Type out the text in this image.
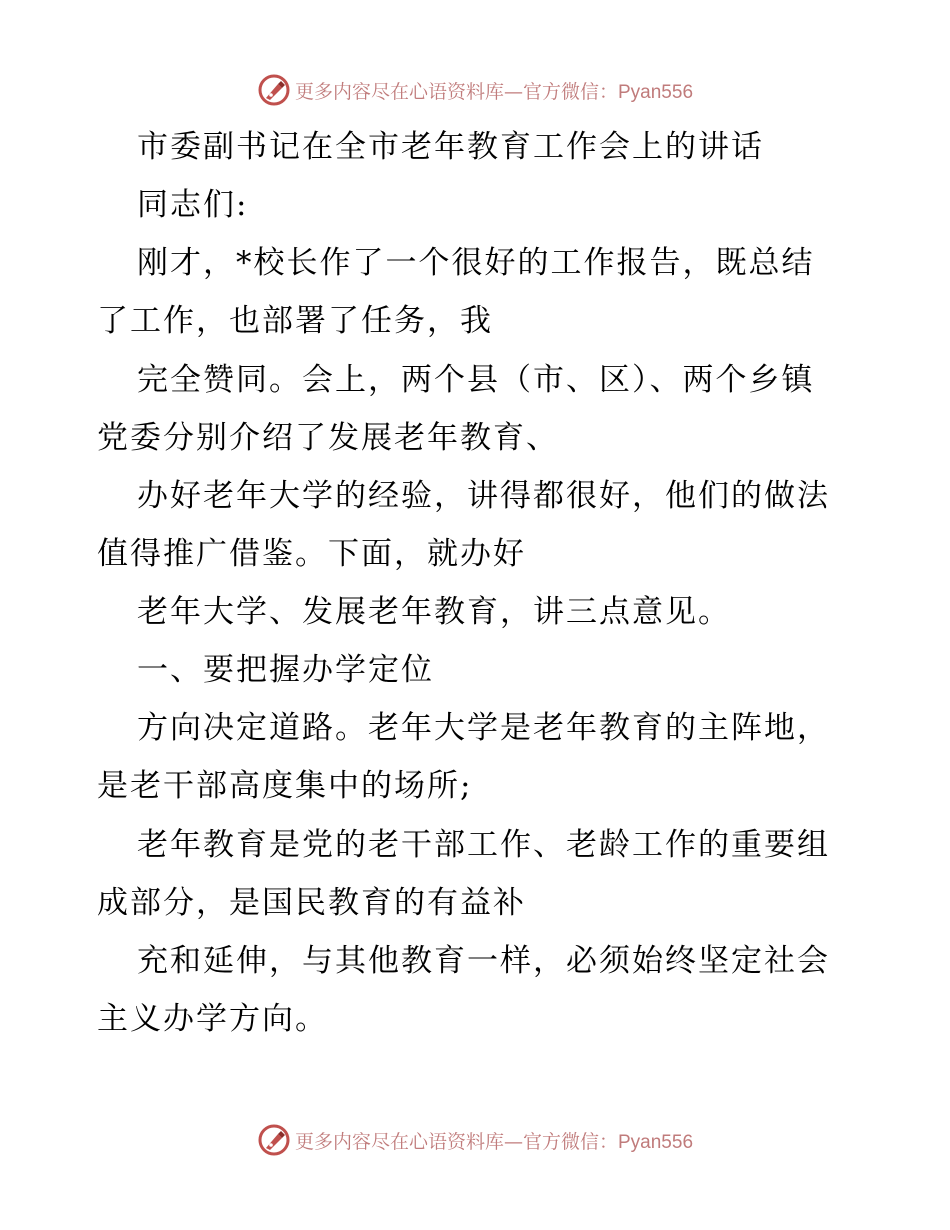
更多内容尽在心语资料库—官方微信：Pyan556
市委副书记在全市老年教育工作会上的讲话
同志们:
刚才，*校长作了一个很好的工作报告，既总结
了工作，也部署了任务，我
完全赞同。会上，两个县（市、区）、两个乡镇
党委分别介绍了发展老年教育、
办好老年大学的经验，讲得都很好，他们的做法
值得推广借鉴。下面，就办好
老年大学、发展老年教育，讲三点意见。
一、要把握办学定位
方向决定道路。老年大学是老年教育的主阵地，
是老干部高度集中的场所;
老年教育是党的老干部工作、老龄工作的重要组
成部分，是国民教育的有益补
充和延伸，与其他教育一样，必须始终坚定社会
主义办学方向。
更多内容尽在心语资料库—官方微信：Pyan556
